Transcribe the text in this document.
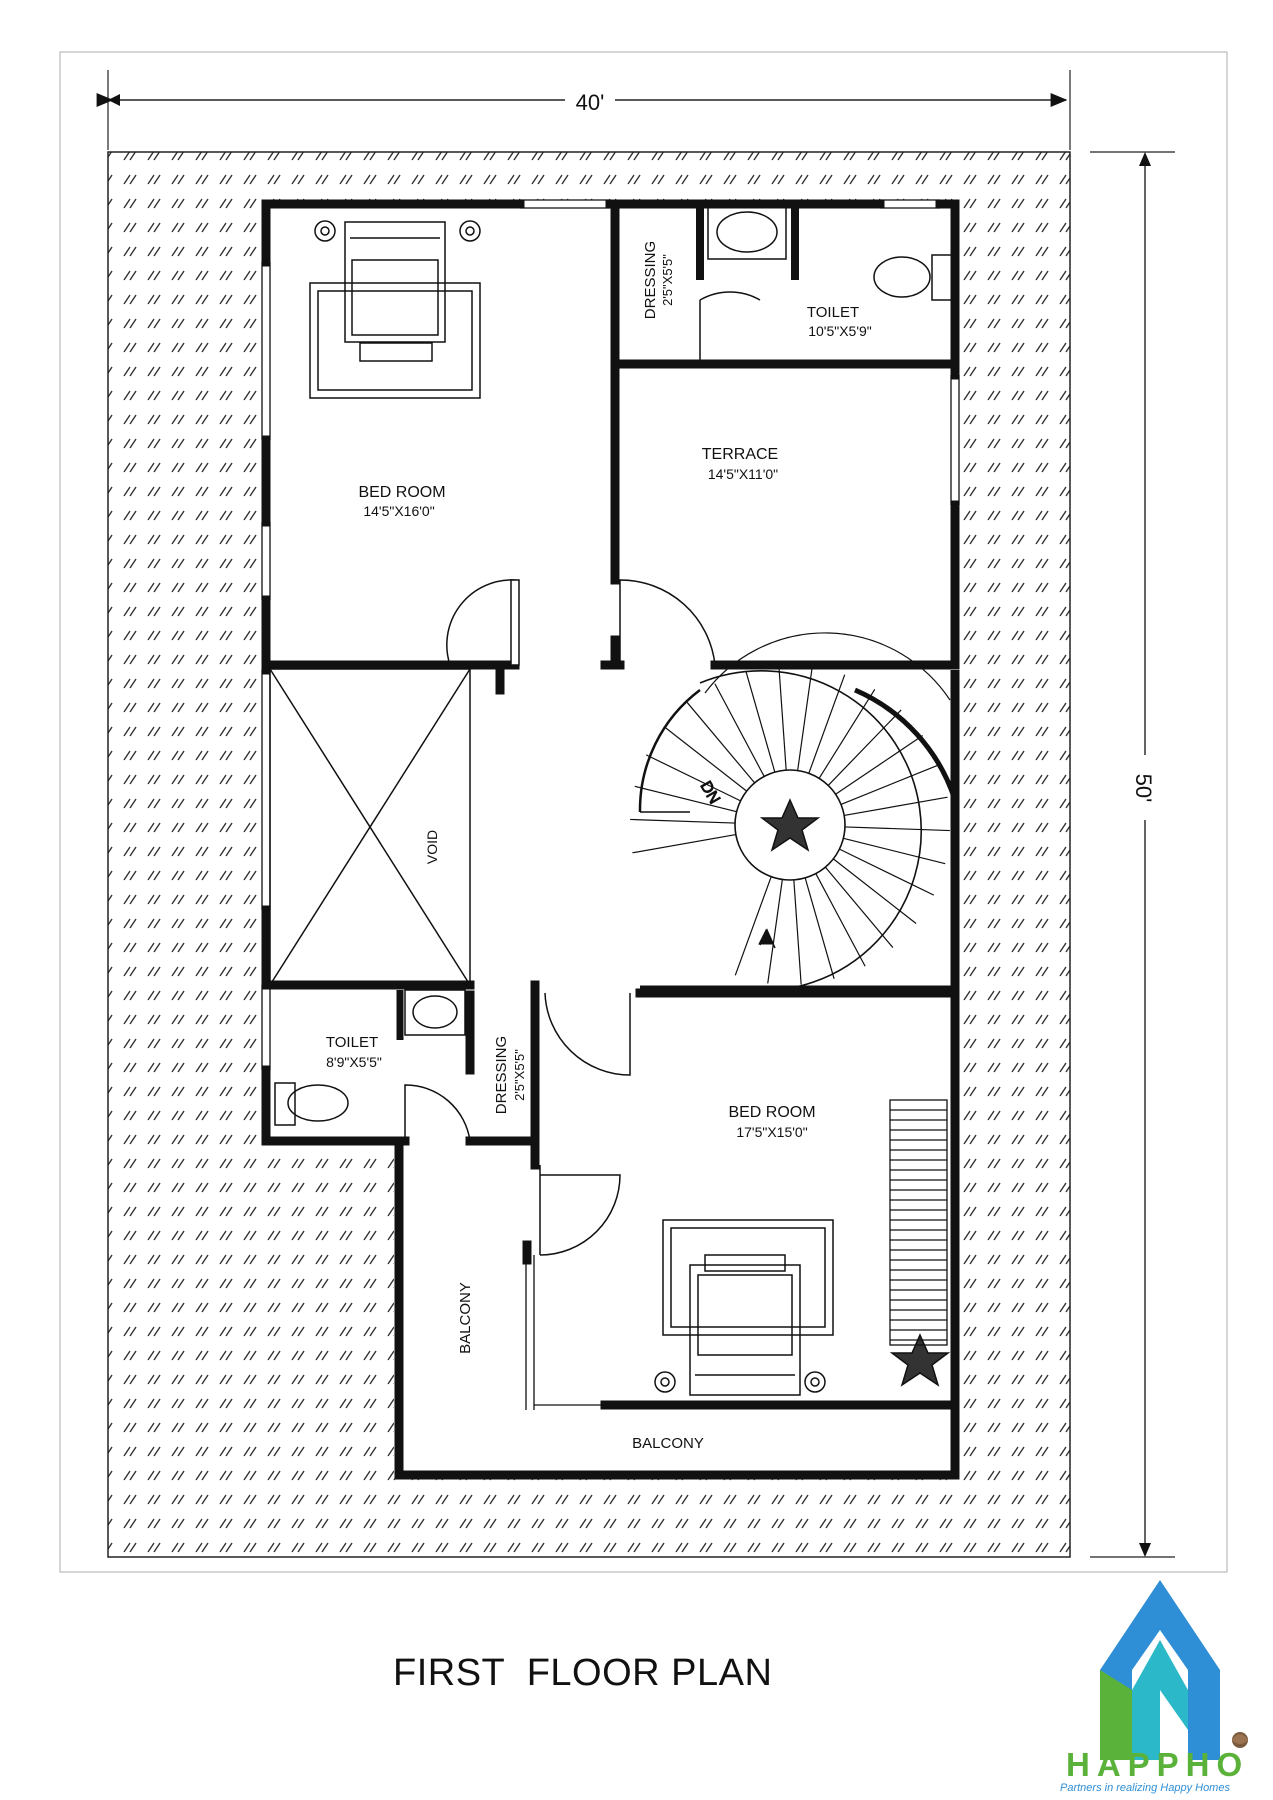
40'
50'
DN
BED ROOM
14'5"X16'0"
DRESSING 2'5"X5'5"
TOILET
10'5"X5'9"
TERRACE
14'5"X11'0"
VOID
TOILET
8'9"X5'5"	DRESSING 2'5"X5'5"
BED ROOM
17'5"X15'0"
BALCONY
BALCONY
FIRST  FLOOR PLAN
HAPPHO
Partners in realizing Happy Homes
